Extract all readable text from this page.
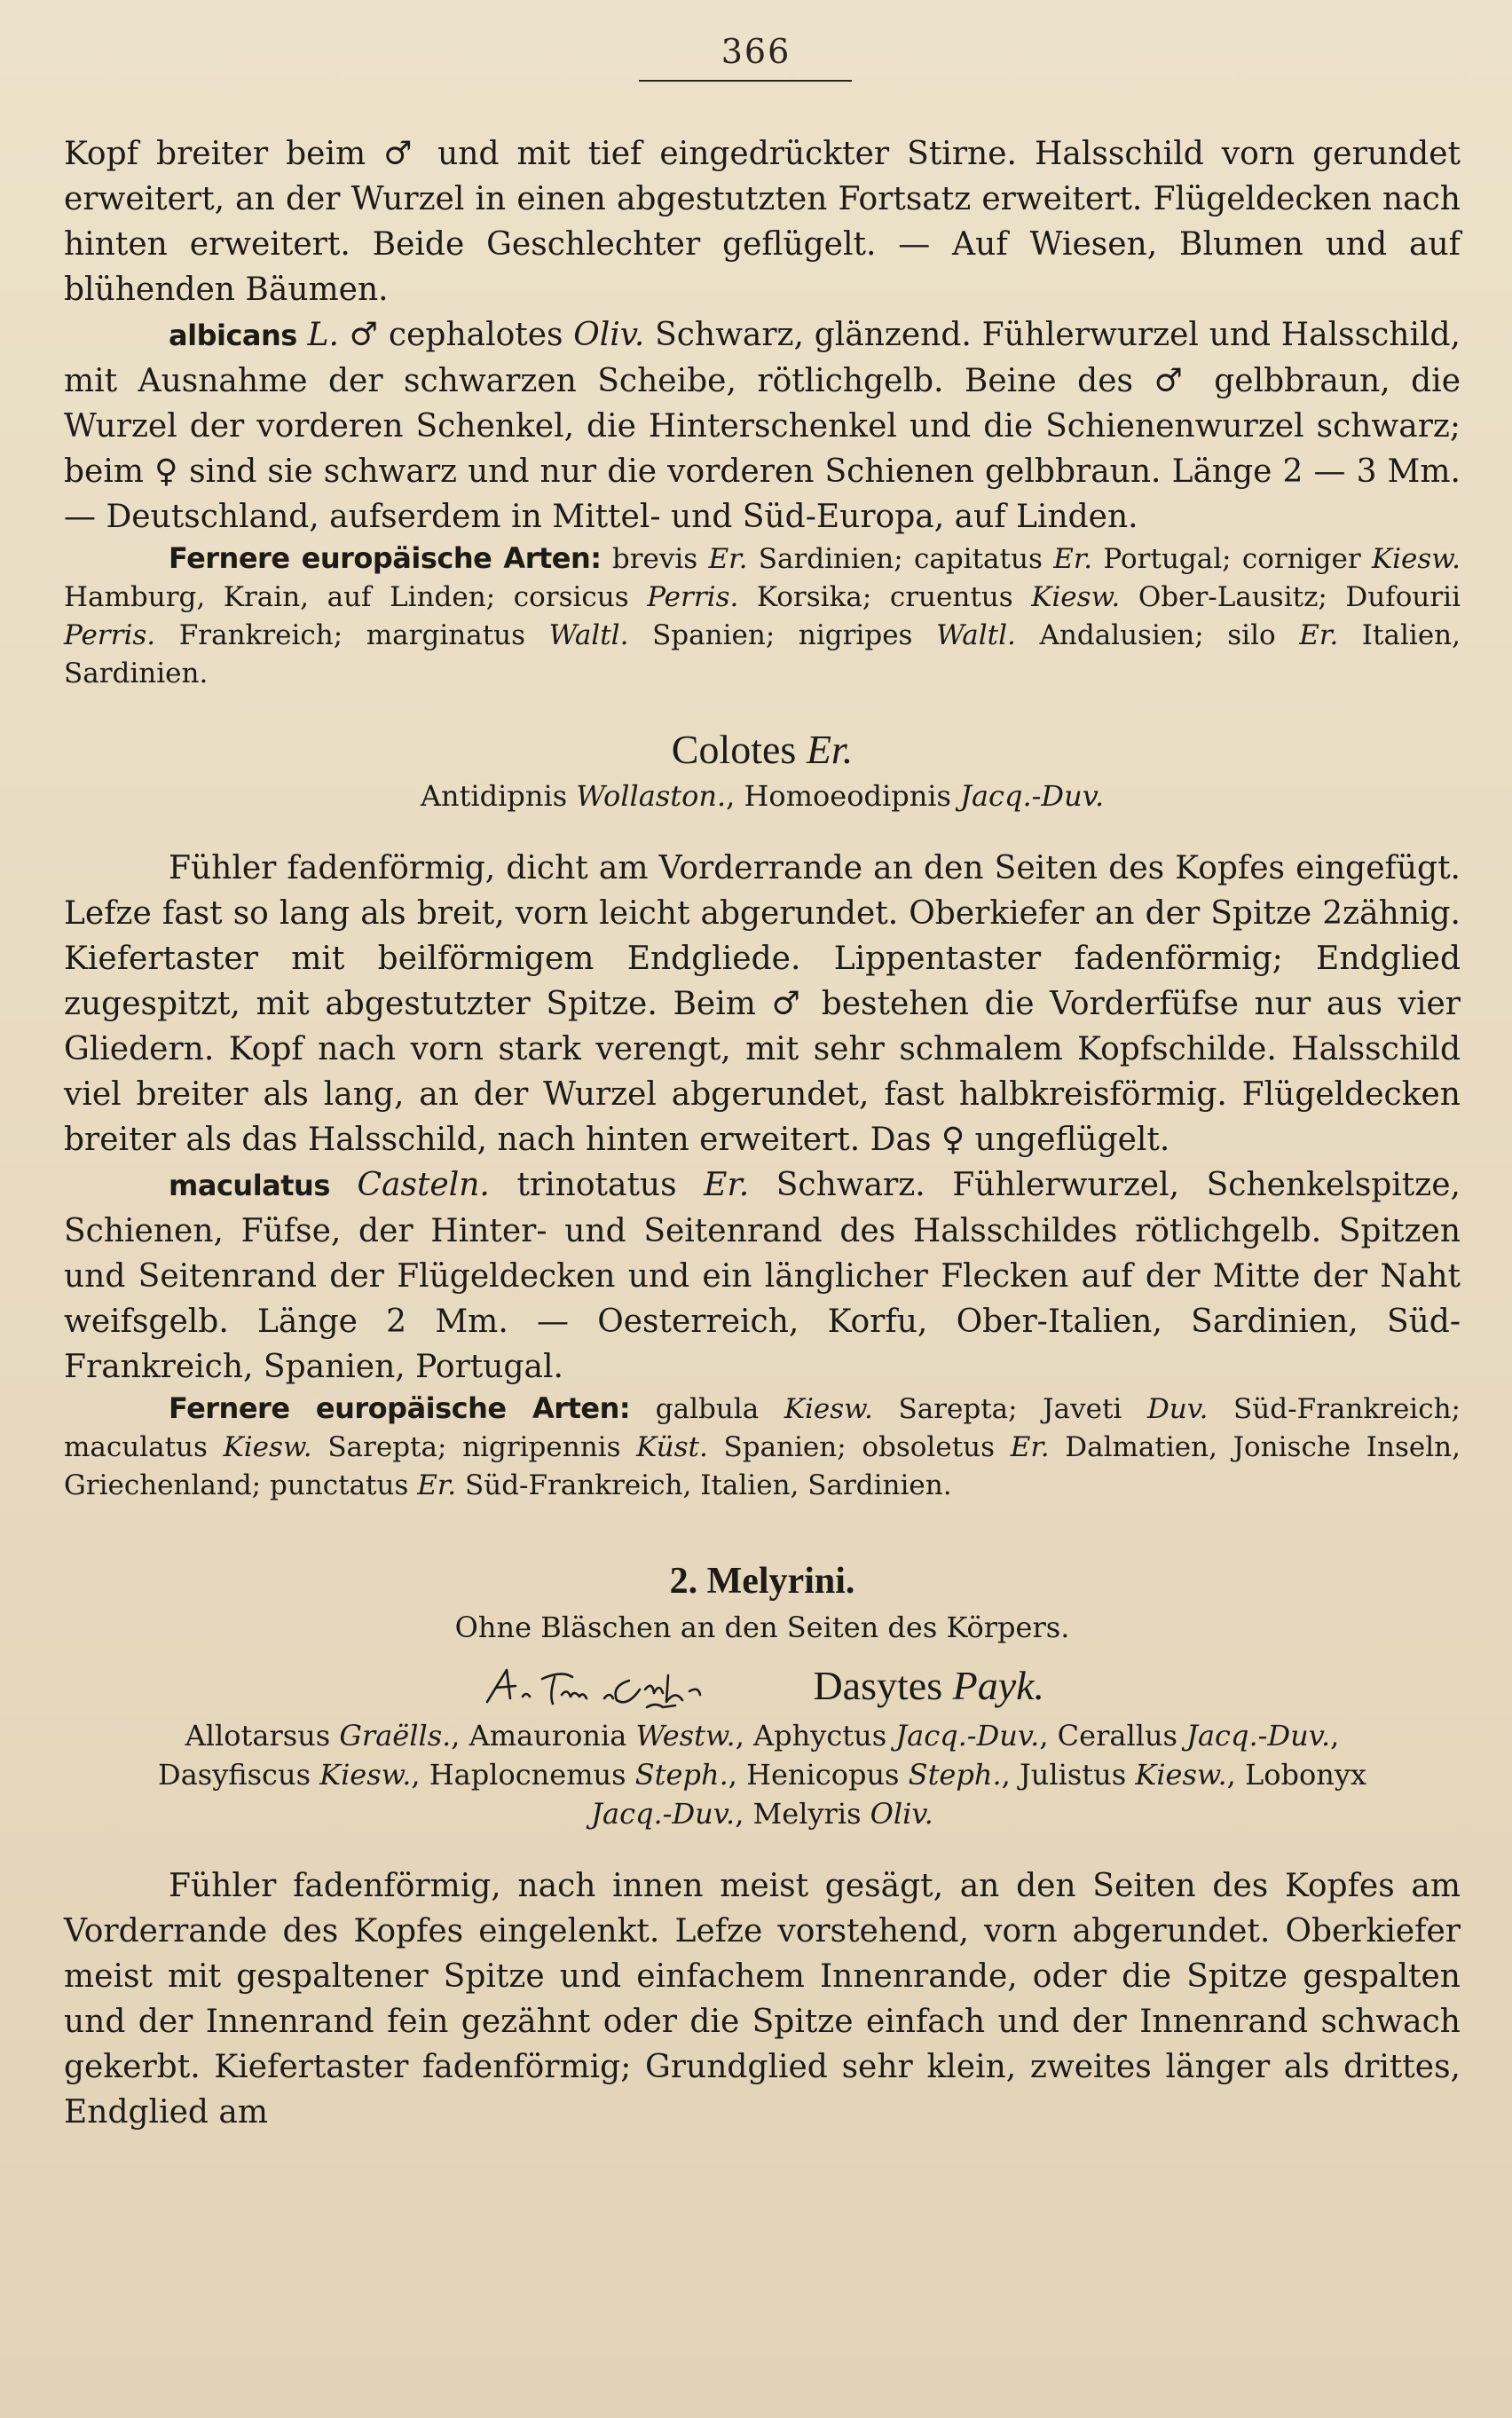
366

Kopf breiter beim ♂ und mit tief eingedrückter Stirne. Halsschild vorn gerundet erweitert, an der Wurzel in einen abgestutzten Fortsatz erweitert. Flügeldecken nach hinten erweitert. Beide Geschlechter geflügelt. — Auf Wiesen, Blumen und auf blühenden Bäumen.

albicans L. ♂ cephalotes Oliv. Schwarz, glänzend. Fühlerwurzel und Halsschild, mit Ausnahme der schwarzen Scheibe, rötlichgelb. Beine des ♂ gelbbraun, die Wurzel der vorderen Schenkel, die Hinterschenkel und die Schienenwurzel schwarz; beim ♀ sind sie schwarz und nur die vorderen Schienen gelbbraun. Länge 2 — 3 Mm. — Deutschland, aufserdem in Mittel- und Süd-Europa, auf Linden.

Fernere europäische Arten: brevis Er. Sardinien; capitatus Er. Portugal; corniger Kiesw. Hamburg, Krain, auf Linden; corsicus Perris. Korsika; cruentus Kiesw. Ober-Lausitz; Dufourii Perris. Frankreich; marginatus Waltl. Spanien; nigripes Waltl. Andalusien; silo Er. Italien, Sardinien.

Colotes Er.
Antidipnis Wollaston., Homoeodipnis Jacq.-Duv.

Fühler fadenförmig, dicht am Vorderrande an den Seiten des Kopfes eingefügt. Lefze fast so lang als breit, vorn leicht abgerundet. Oberkiefer an der Spitze 2zähnig. Kiefertaster mit beilförmigem Endgliede. Lippentaster fadenförmig; Endglied zugespitzt, mit abgestutzter Spitze. Beim ♂ bestehen die Vorderfüfse nur aus vier Gliedern. Kopf nach vorn stark verengt, mit sehr schmalem Kopfschilde. Halsschild viel breiter als lang, an der Wurzel abgerundet, fast halbkreisförmig. Flügeldecken breiter als das Halsschild, nach hinten erweitert. Das ♀ ungeflügelt.

maculatus Casteln. trinotatus Er. Schwarz. Fühlerwurzel, Schenkelspitze, Schienen, Füfse, der Hinter- und Seitenrand des Halsschildes rötlichgelb. Spitzen und Seitenrand der Flügeldecken und ein länglicher Flecken auf der Mitte der Naht weifsgelb. Länge 2 Mm. — Oesterreich, Korfu, Ober-Italien, Sardinien, Süd-Frankreich, Spanien, Portugal.

Fernere europäische Arten: galbula Kiesw. Sarepta; Javeti Duv. Süd-Frankreich; maculatus Kiesw. Sarepta; nigripennis Küst. Spanien; obsoletus Er. Dalmatien, Jonische Inseln, Griechenland; punctatus Er. Süd-Frankreich, Italien, Sardinien.

2. Melyrini.
Ohne Bläschen an den Seiten des Körpers.
Dasytes Payk.
Allotarsus Graëlls., Amauronia Westw., Aphyctus Jacq.-Duv., Cerallus Jacq.-Duv., Dasyfiscus Kiesw., Haplocnemus Steph., Henicopus Steph., Julistus Kiesw., Lobonyx Jacq.-Duv., Melyris Oliv.

Fühler fadenförmig, nach innen meist gesägt, an den Seiten des Kopfes am Vorderrande des Kopfes eingelenkt. Lefze vorstehend, vorn abgerundet. Oberkiefer meist mit gespaltener Spitze und einfachem Innenrande, oder die Spitze gespalten und der Innenrand fein gezähnt oder die Spitze einfach und der Innenrand schwach gekerbt. Kiefertaster fadenförmig; Grundglied sehr klein, zweites länger als drittes, Endglied am
